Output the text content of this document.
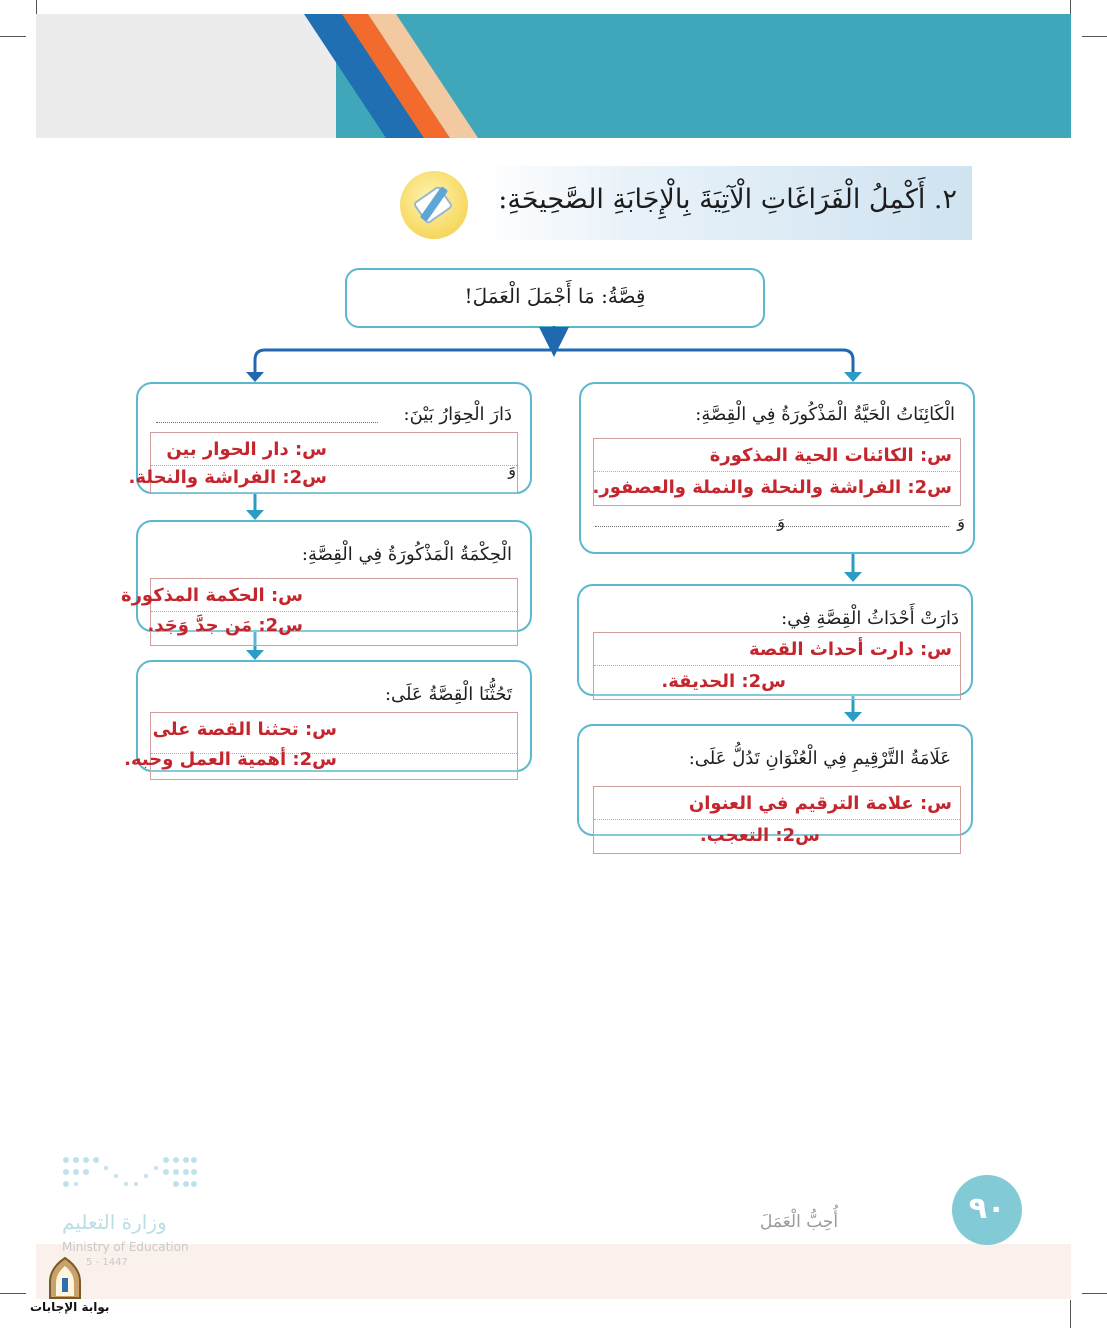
٢. أَكْمِلُ الْفَرَاغَاتِ الْآتِيَةَ بِالْإِجَابَةِ الصَّحِيحَةِ:
قِصَّةُ: مَا أَجْمَلَ الْعَمَلَ!
الْكَائِنَاتُ الْحَيَّةُ الْمَذْكُورَةُ فِي الْقِصَّةِ:
س: الكائنات الحية المذكورة
س2: الفراشة والنحلة والنملة والعصفور.
وَ
وَ
دَارَتْ أَحْدَاثُ الْقِصَّةِ فِي:
س: دارت أحداث القصة
س2: الحديقة.
عَلَامَةُ التَّرْقِيمِ فِي الْعُنْوَانِ تَدُلُّ عَلَى:
س: علامة الترقيم في العنوان
س2: التعجب.
دَارَ الْحِوَارُ بَيْنَ:
س: دار الحوار بين
س2: الفراشة والنحلة.	وَ
الْحِكْمَةُ الْمَذْكُورَةُ فِي الْقِصَّةِ:
س: الحكمة المذكورة
س2: مَن جدَّ وَجَد.
تَحُثُّنَا الْقِصَّةُ عَلَى:
س: تحثنا القصة على
س2: أهمية العمل وحبه.
٩٠
أُحِبُّ الْعَمَلَ
وزارة التعليم
Ministry of Education
5 - 1447
بوابة الإجابات
